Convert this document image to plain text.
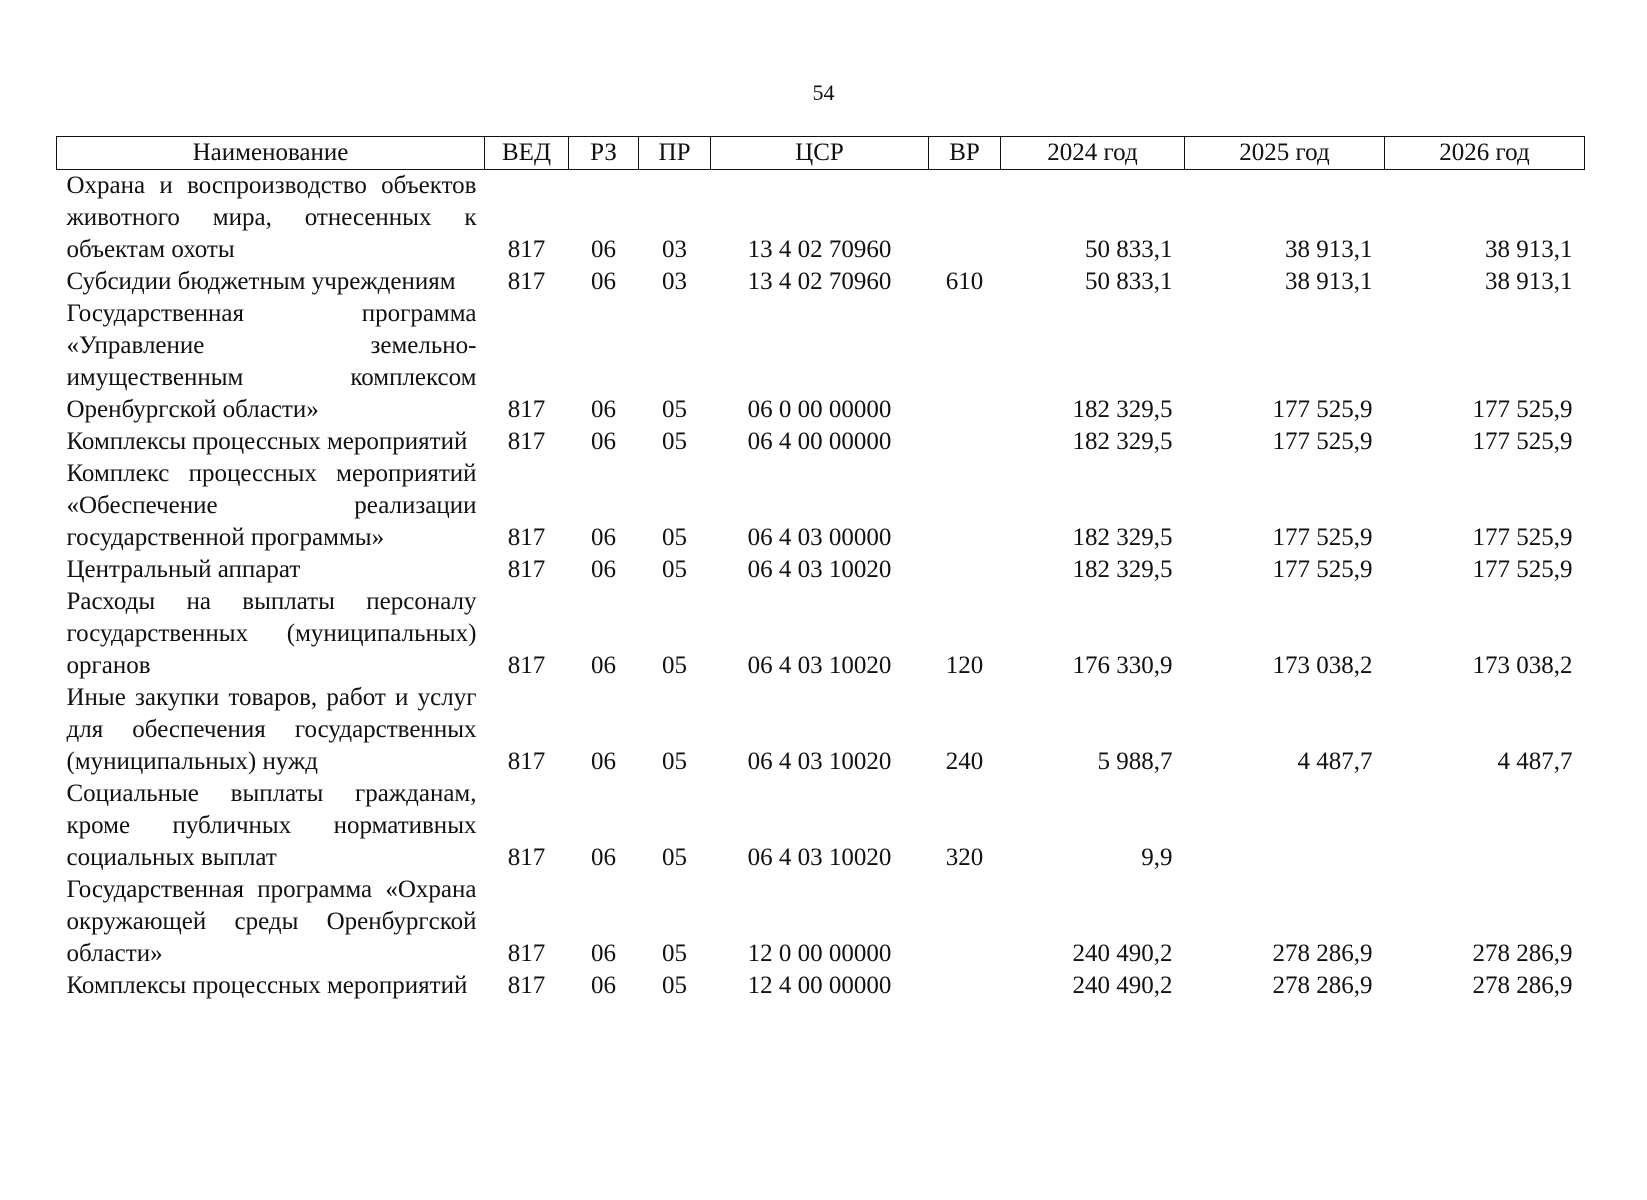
54
Наименование	ВЕД	РЗ	ПР	ЦСР	ВР	2024 год	2025 год	2026 год
Охрана и воспроизводство объектов животного мира, отнесенных к объектам охоты	817	06	03	13 4 02 70960		50 833,1	38 913,1	38 913,1
Субсидии бюджетным учреждениям	817	06	03	13 4 02 70960	610	50 833,1	38 913,1	38 913,1
Государственная программа «Управление земельно-имущественным комплексом Оренбургской области»	817	06	05	06 0 00 00000		182 329,5	177 525,9	177 525,9
Комплексы процессных мероприятий	817	06	05	06 4 00 00000		182 329,5	177 525,9	177 525,9
Комплекс процессных мероприятий «Обеспечение реализации государственной программы»	817	06	05	06 4 03 00000		182 329,5	177 525,9	177 525,9
Центральный аппарат	817	06	05	06 4 03 10020		182 329,5	177 525,9	177 525,9
Расходы на выплаты персоналу государственных (муниципальных) органов	817	06	05	06 4 03 10020	120	176 330,9	173 038,2	173 038,2
Иные закупки товаров, работ и услуг для обеспечения государственных (муниципальных) нужд	817	06	05	06 4 03 10020	240	5 988,7	4 487,7	4 487,7
Социальные выплаты гражданам, кроме публичных нормативных социальных выплат	817	06	05	06 4 03 10020	320	9,9		
Государственная программа «Охрана окружающей среды Оренбургской области»	817	06	05	12 0 00 00000		240 490,2	278 286,9	278 286,9
Комплексы процессных мероприятий	817	06	05	12 4 00 00000		240 490,2	278 286,9	278 286,9
